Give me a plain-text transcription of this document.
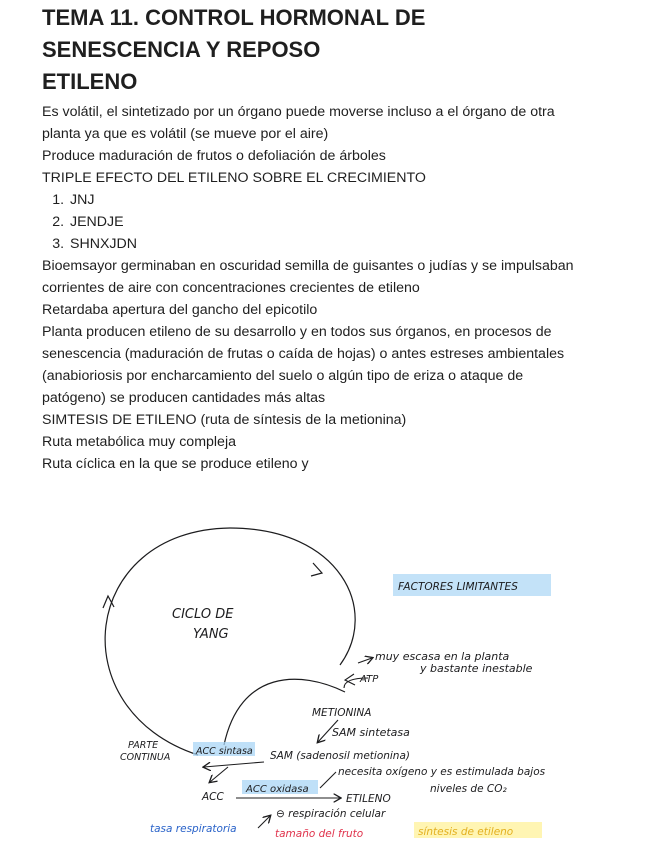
TEMA 11. CONTROL HORMONAL DE
SENESCENCIA Y REPOSO
ETILENO
Es volátil, el sintetizado por un órgano puede moverse incluso a el órgano de otra
planta ya que es volátil (se mueve por el aire)
Produce maduración de frutos o defoliación de árboles
TRIPLE EFECTO DEL ETILENO SOBRE EL CRECIMIENTO
1. JNJ
2. JENDJE
3. SHNXJDN
Bioemsayor germinaban en oscuridad semilla de guisantes o judías y se impulsaban
corrientes de aire con concentraciones crecientes de etileno
Retardaba apertura del gancho del epicotilo
Planta producen etileno de su desarrollo y en todos sus órganos, en procesos de
senescencia (maduración de frutas o caída de hojas) o antes estreses ambientales
(anabioriosis por encharcamiento del suelo o algún tipo de eriza o ataque de
patógeno) se producen cantidades más altas
SIMTESIS DE ETILENO (ruta de síntesis de la metionina)
Ruta metabólica muy compleja
Ruta cíclica en la que se produce etileno y
CICLO DE
YANG
FACTORES LIMITANTES
muy escasa en la planta
y bastante inestable
ATP
METIONINA
SAM sintetasa
PARTE
CONTINUA
ACC sintasa SAM (sadenosil metionina)
ACC
ACC oxidasa
necesita oxígeno y es estimulada bajos
niveles de CO₂
ETILENO
tasa respiratoria
⊖ respiración celular
tamaño del fruto	síntesis de etileno
